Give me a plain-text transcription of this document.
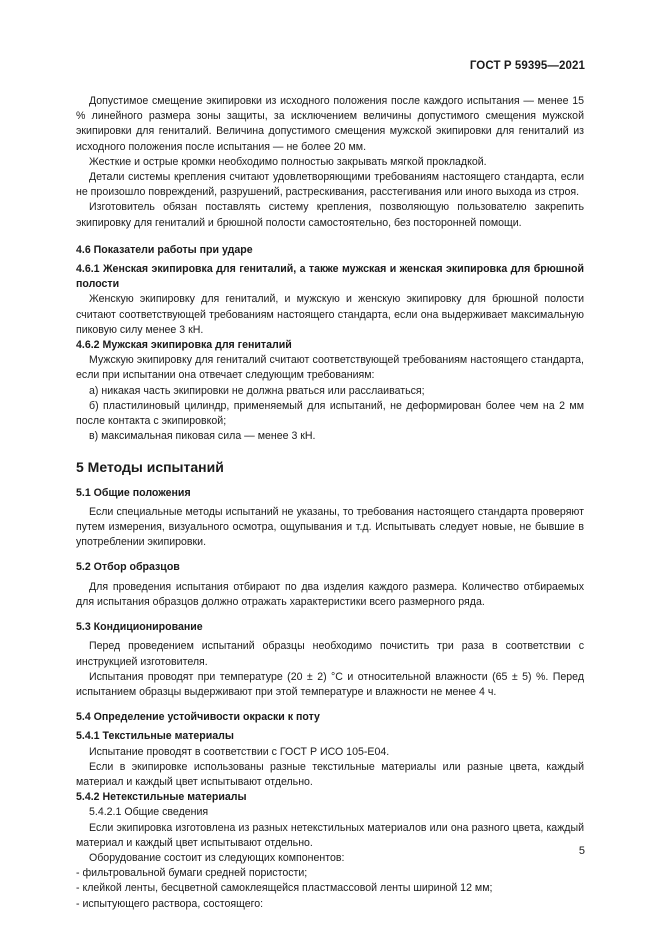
ГОСТ Р 59395—2021

Допустимое смещение экипировки из исходного положения после каждого испытания — менее 15 % линейного размера зоны защиты, за исключением величины допустимого смещения мужской экипировки для гениталий. Величина допустимого смещения мужской экипировки для гениталий из исходного положения после испытания — не более 20 мм.

Жесткие и острые кромки необходимо полностью закрывать мягкой прокладкой.

Детали системы крепления считают удовлетворяющими требованиям настоящего стандарта, если не произошло повреждений, разрушений, растрескивания, расстегивания или иного выхода из строя.

Изготовитель обязан поставлять систему крепления, позволяющую пользователю закрепить экипировку для гениталий и брюшной полости самостоятельно, без посторонней помощи.

4.6 Показатели работы при ударе

4.6.1 Женская экипировка для гениталий, а также мужская и женская экипировка для брюшной полости

Женскую экипировку для гениталий, и мужскую и женскую экипировку для брюшной полости считают соответствующей требованиям настоящего стандарта, если она выдерживает максимальную пиковую силу менее 3 кН.

4.6.2 Мужская экипировка для гениталий

Мужскую экипировку для гениталий считают соответствующей требованиям настоящего стандарта, если при испытании она отвечает следующим требованиям:

а) никакая часть экипировки не должна рваться или расслаиваться;

б) пластилиновый цилиндр, применяемый для испытаний, не деформирован более чем на 2 мм после контакта с экипировкой;

в) максимальная пиковая сила — менее 3 кН.

5 Методы испытаний

5.1 Общие положения

Если специальные методы испытаний не указаны, то требования настоящего стандарта проверяют путем измерения, визуального осмотра, ощупывания и т.д. Испытывать следует новые, не бывшие в употреблении экипировки.

5.2 Отбор образцов

Для проведения испытания отбирают по два изделия каждого размера. Количество отбираемых для испытания образцов должно отражать характеристики всего размерного ряда.

5.3 Кондиционирование

Перед проведением испытаний образцы необходимо почистить три раза в соответствии с инструкцией изготовителя.

Испытания проводят при температуре (20 ± 2) °С и относительной влажности (65 ± 5) %. Перед испытанием образцы выдерживают при этой температуре и влажности не менее 4 ч.

5.4 Определение устойчивости окраски к поту

5.4.1 Текстильные материалы

Испытание проводят в соответствии с ГОСТ Р ИСО 105-Е04.

Если в экипировке использованы разные текстильные материалы или разные цвета, каждый материал и каждый цвет испытывают отдельно.

5.4.2 Нетекстильные материалы

5.4.2.1 Общие сведения

Если экипировка изготовлена из разных нетекстильных материалов или она разного цвета, каждый материал и каждый цвет испытывают отдельно.

Оборудование состоит из следующих компонентов:

- фильтровальной бумаги средней пористости;

- клейкой ленты, бесцветной самоклеящейся пластмассовой ленты шириной 12 мм;

- испытующего раствора, состоящего:

5
